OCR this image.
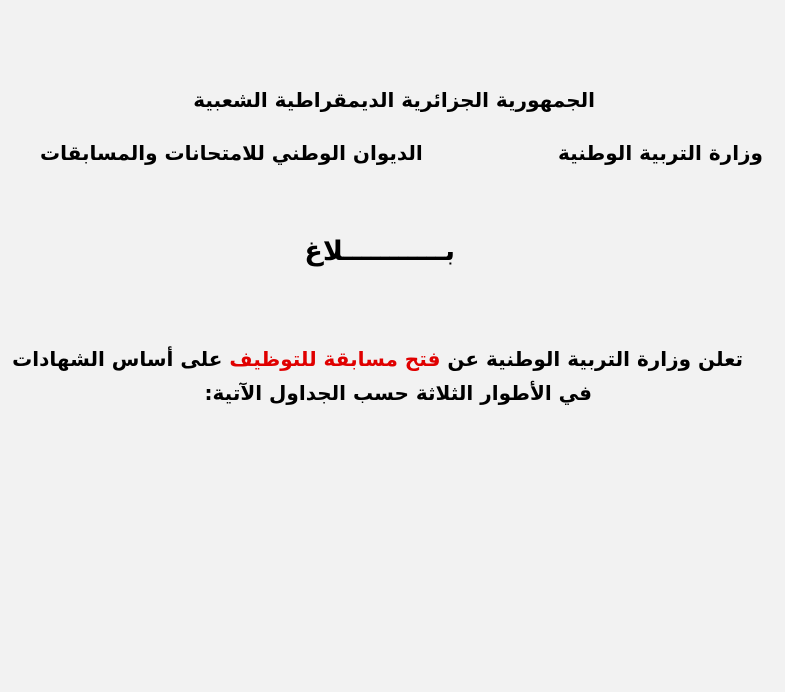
الجمهورية الجزائرية الديمقراطية الشعبية
وزارة التربية الوطنية
الديوان الوطني للامتحانات والمسابقات
بـــــــــــلاغ
تعلن وزارة التربية الوطنية عن فتح مسابقة للتوظيف على أساس الشهادات
في الأطوار الثلاثة حسب الجداول الآتية:
